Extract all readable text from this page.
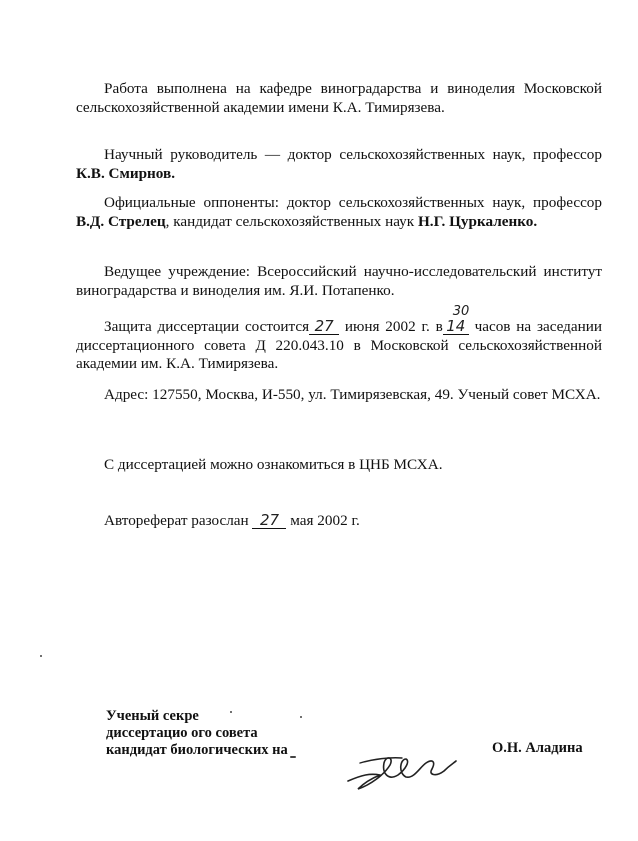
Работа выполнена на кафедре виноградарства и виноделия Московской сельскохозяйственной академии имени К.А. Тимирязева.

Научный руководитель — доктор сельскохозяйственных наук, профессор К.В. Смирнов.

Официальные оппоненты: доктор сельскохозяйственных наук, профессор В.Д. Стрелец, кандидат сельскохозяйственных наук Н.Г. Цуркаленко.

Ведущее учреждение: Всероссийский научно-исследовательский институт виноградарства и виноделия им. Я.И. Потапенко.

Защита диссертации состоится 27 июня 2002 г. в 14
30
часов на заседании диссертационного совета Д 220.043.10 в Московской сельскохозяйственной академии им. К.А. Тимирязева.

Адрес: 127550, Москва, И-550, ул. Тимирязевская, 49. Ученый совет МСХА.

С диссертацией можно ознакомиться в ЦНБ МСХА.

Автореферат разослан 27 мая 2002 г.

Ученый секре
диссертацио ого совета
кандидат биологических на	О.Н. Аладина
